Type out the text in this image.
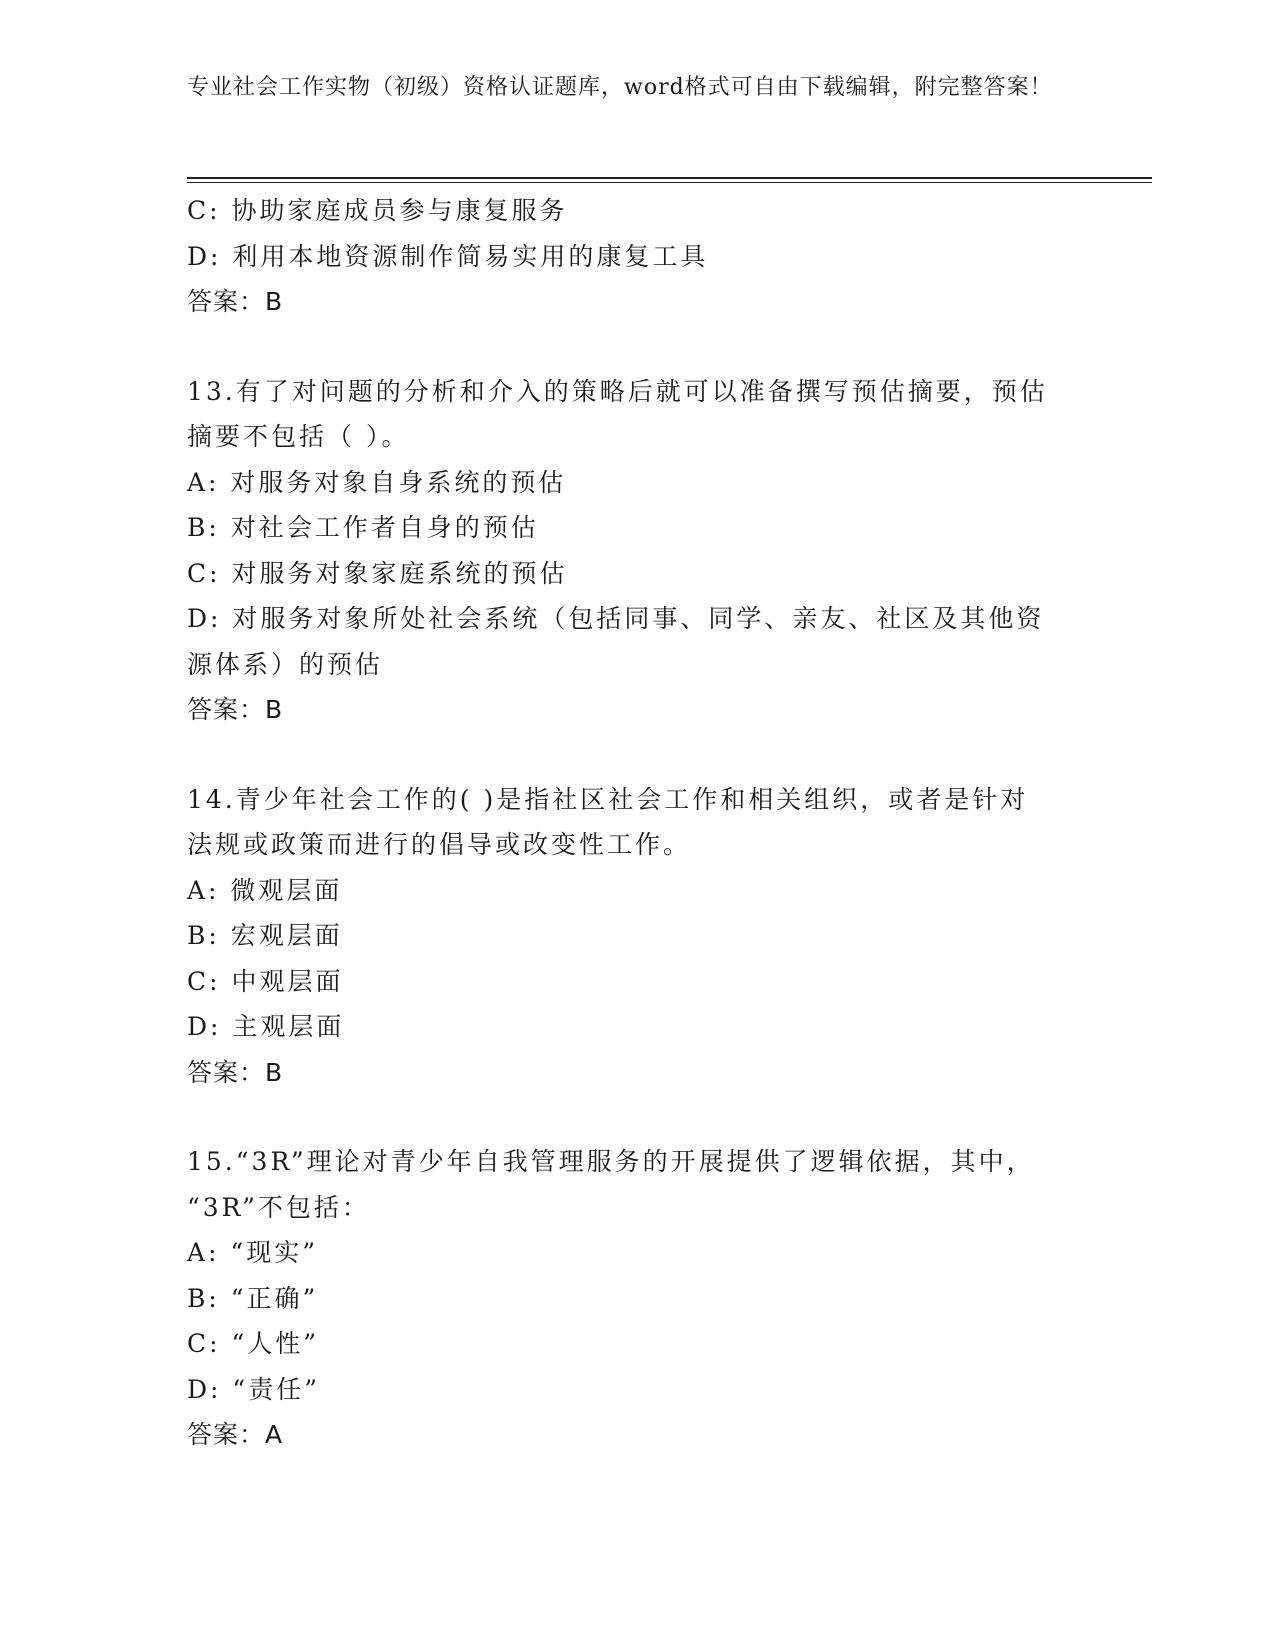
专业社会工作实物（初级）资格认证题库，word格式可自由下载编辑，附完整答案！
C: 协助家庭成员参与康复服务
D: 利用本地资源制作简易实用的康复工具
答案：B
13.有了对问题的分析和介入的策略后就可以准备撰写预估摘要，预估
摘要不包括（ ）。
A: 对服务对象自身系统的预估
B: 对社会工作者自身的预估
C: 对服务对象家庭系统的预估
D: 对服务对象所处社会系统（包括同事、同学、亲友、社区及其他资
源体系）的预估
答案：B
14.青少年社会工作的( )是指社区社会工作和相关组织，或者是针对
法规或政策而进行的倡导或改变性工作。
A: 微观层面
B: 宏观层面
C: 中观层面
D: 主观层面
答案：B
15.“3R”理论对青少年自我管理服务的开展提供了逻辑依据，其中，
“3R”不包括：
A: “现实”
B: “正确”
C: “人性”
D: “责任”
答案：A
